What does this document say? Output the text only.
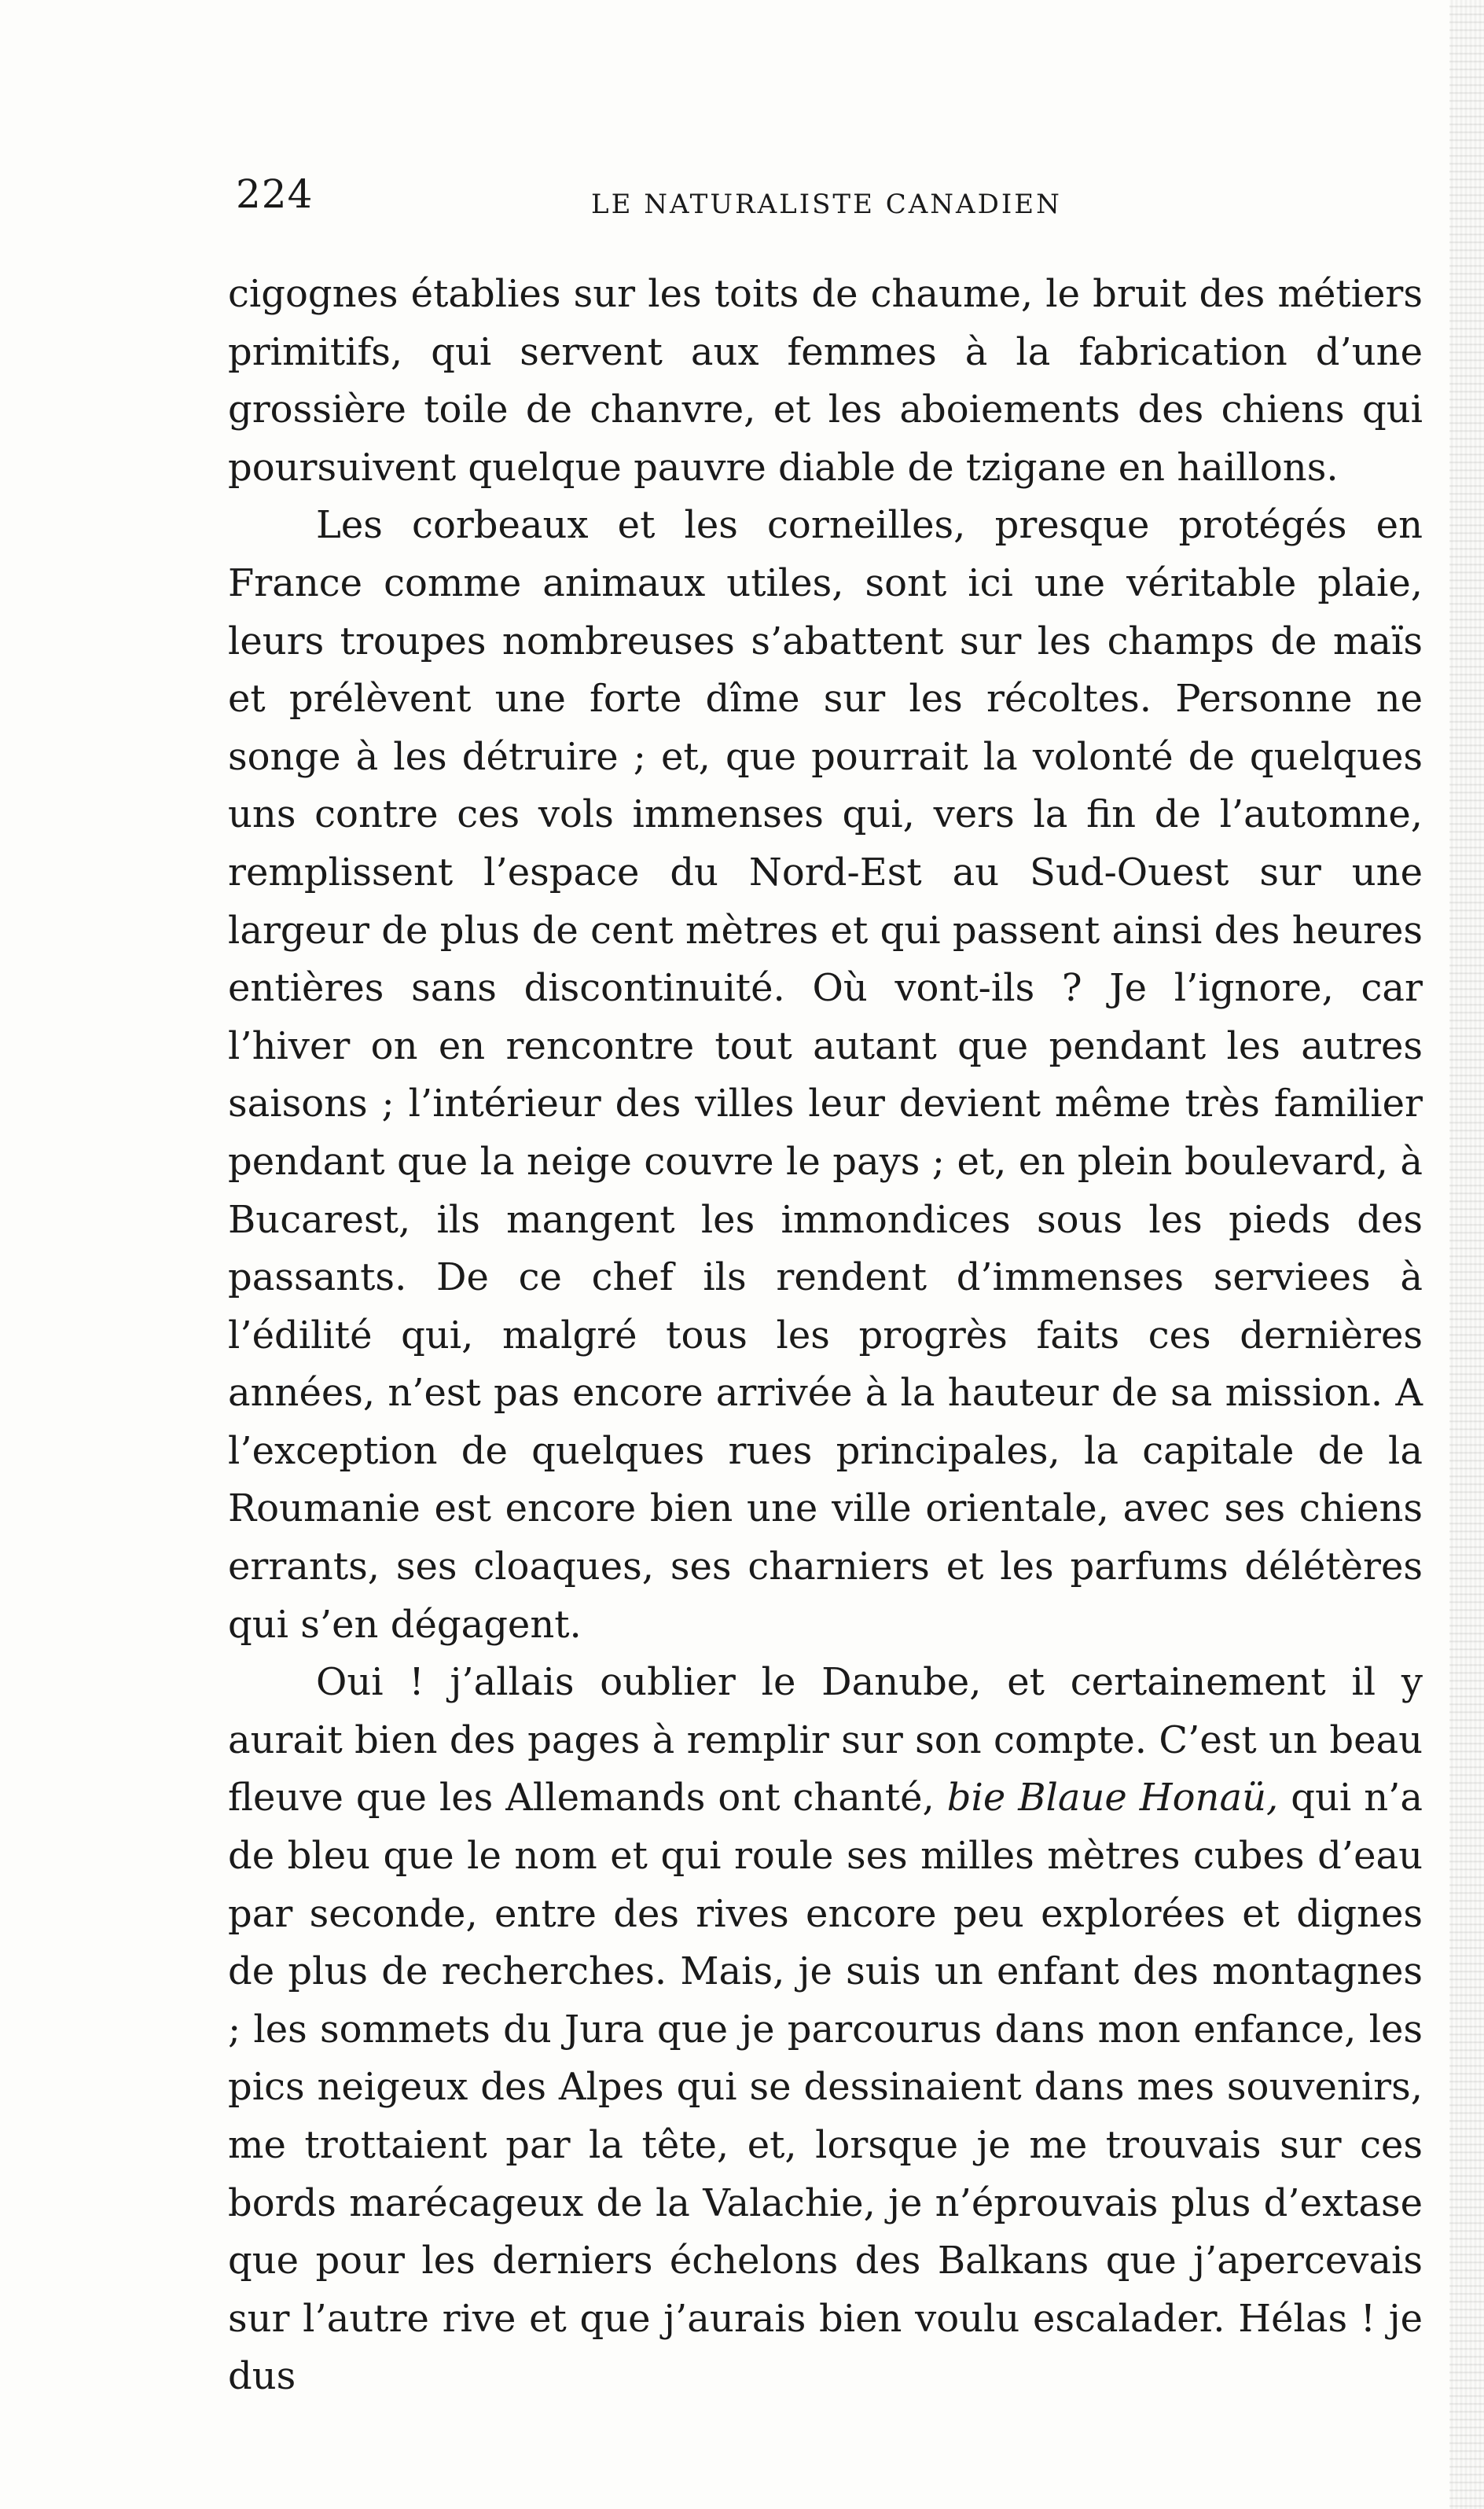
224	LE NATURALISTE CANADIEN

cigognes établies sur les toits de chaume, le bruit des métiers primitifs, qui servent aux femmes à la fabrication d’une grossière toile de chanvre, et les aboiements des chiens qui poursuivent quelque pauvre diable de tzigane en haillons.

Les corbeaux et les corneilles, presque protégés en France comme animaux utiles, sont ici une véritable plaie, leurs troupes nombreuses s’abattent sur les champs de maïs et prélèvent une forte dîme sur les récoltes. Personne ne songe à les détruire ; et, que pourrait la volonté de quelques uns contre ces vols immenses qui, vers la fin de l’automne, remplissent l’espace du Nord-Est au Sud-Ouest sur une largeur de plus de cent mètres et qui passent ainsi des heures entières sans discontinuité. Où vont-ils ? Je l’ignore, car l’hiver on en rencontre tout autant que pendant les autres saisons ; l’intérieur des villes leur devient même très familier pendant que la neige couvre le pays ; et, en plein boulevard, à Bucarest, ils mangent les immondices sous les pieds des passants. De ce chef ils rendent d’immenses serviees à l’édilité qui, malgré tous les progrès faits ces dernières années, n’est pas encore arrivée à la hauteur de sa mission. A l’exception de quelques rues principales, la capitale de la Roumanie est encore bien une ville orientale, avec ses chiens errants, ses cloaques, ses charniers et les parfums délétères qui s’en dégagent.

Oui ! j’allais oublier le Danube, et certainement il y aurait bien des pages à remplir sur son compte. C’est un beau fleuve que les Allemands ont chanté, bie Blaue Honaü, qui n’a de bleu que le nom et qui roule ses milles mètres cubes d’eau par seconde, entre des rives encore peu explorées et dignes de plus de recherches. Mais, je suis un enfant des montagnes ; les sommets du Jura que je parcourus dans mon enfance, les pics neigeux des Alpes qui se dessinaient dans mes souvenirs, me trottaient par la tête, et, lorsque je me trouvais sur ces bords marécageux de la Valachie, je n’éprouvais plus d’extase que pour les derniers échelons des Balkans que j’apercevais sur l’autre rive et que j’aurais bien voulu escalader. Hélas ! je dus
